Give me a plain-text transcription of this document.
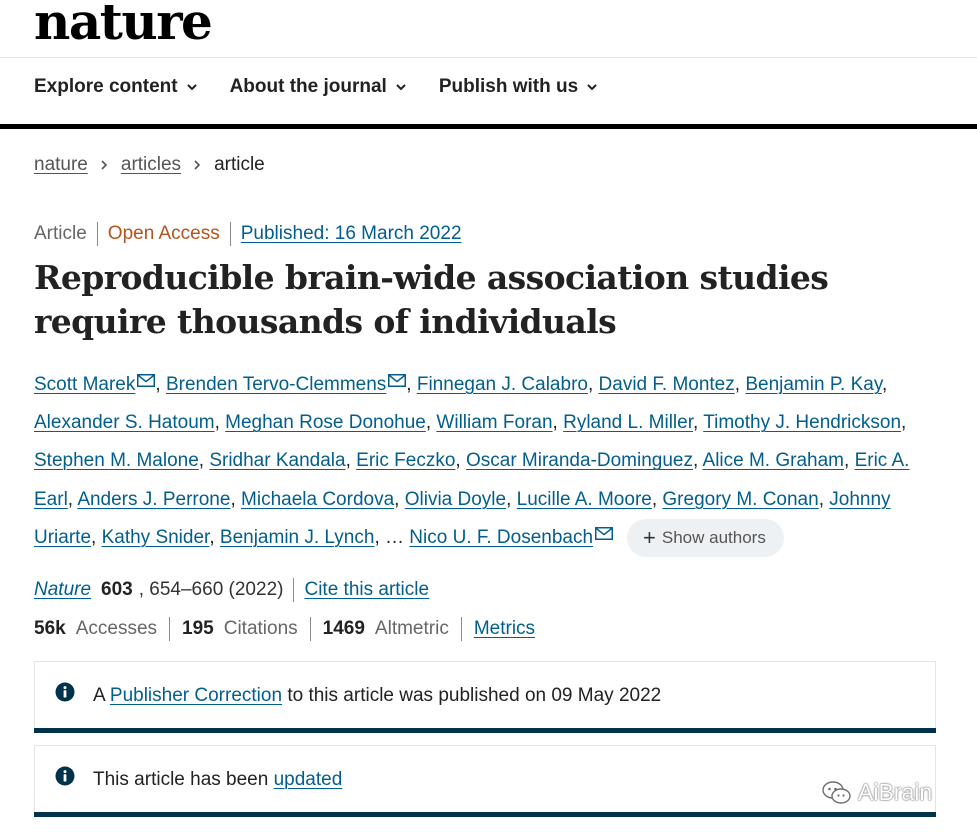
nature
Explore content	About the journal	Publish with us
nature articles article
Article Open Access Published: 16 March 2022
Reproducible brain-wide association studies require thousands of individuals
Scott Marek , Brenden Tervo-Clemmens , Finnegan J. Calabro, David F. Montez, Benjamin P. Kay, Alexander S. Hatoum, Meghan Rose Donohue, William Foran, Ryland L. Miller, Timothy J. Hendrickson, Stephen M. Malone, Sridhar Kandala, Eric Feczko, Oscar Miranda-Dominguez, Alice M. Graham, Eric A. Earl, Anders J. Perrone, Michaela Cordova, Olivia Doyle, Lucille A. Moore, Gregory M. Conan, Johnny Uriarte, Kathy Snider, Benjamin J. Lynch, … Nico U. F. Dosenbach + Show authors
Nature 603 , 654–660 (2022) Cite this article
56k Accesses 195 Citations 1469 Altmetric Metrics
A Publisher Correction to this article was published on 09 May 2022
This article has been updated	AiBrain
